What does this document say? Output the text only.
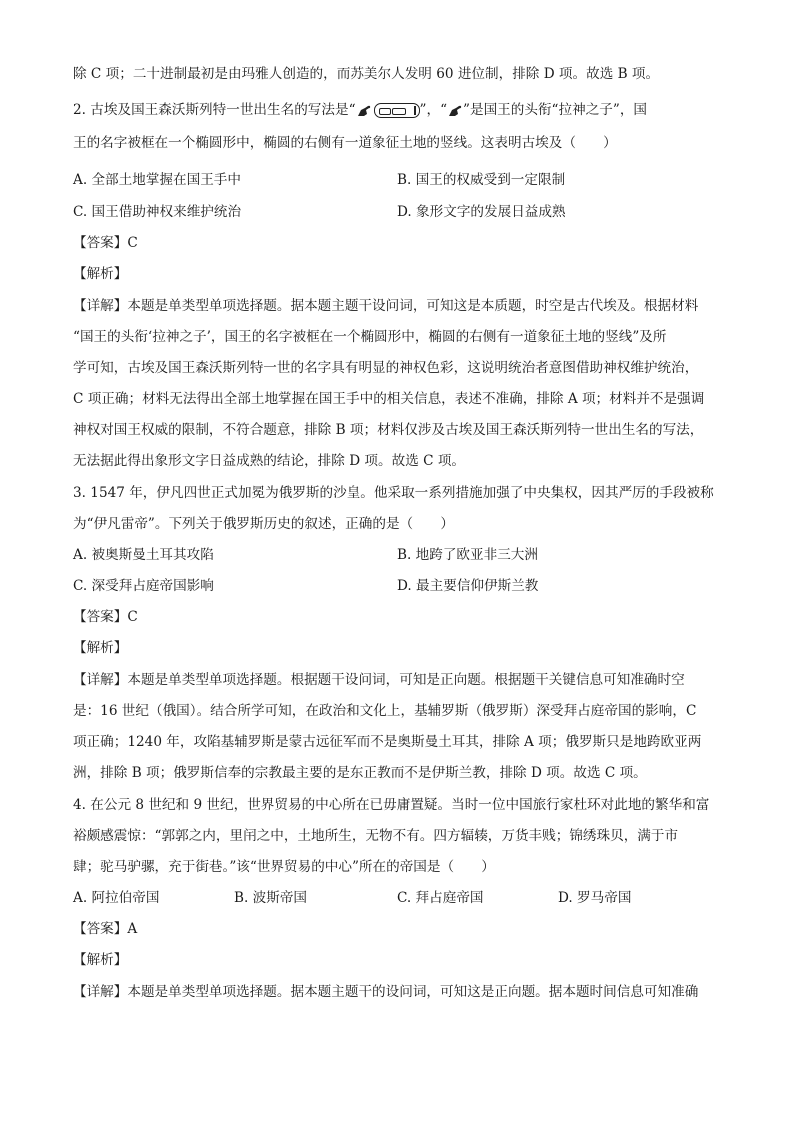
除 C 项；二十进制最初是由玛雅人创造的，而苏美尔人发明 60 进位制，排除 D 项。故选 B 项。
2. 古埃及国王森沃斯列特一世出生名的写法是“	”，“ ”是国王的头衔“拉神之子”，国
王的名字被框在一个椭圆形中，椭圆的右侧有一道象征土地的竖线。这表明古埃及（　　）
A. 全部土地掌握在国王手中	B. 国王的权威受到一定限制
C. 国王借助神权来维护统治	D. 象形文字的发展日益成熟
【答案】C
【解析】
【详解】本题是单类型单项选择题。据本题主题干设问词，可知这是本质题，时空是古代埃及。根据材料
“国王的头衔‘拉神之子’，国王的名字被框在一个椭圆形中，椭圆的右侧有一道象征土地的竖线”及所
学可知，古埃及国王森沃斯列特一世的名字具有明显的神权色彩，这说明统治者意图借助神权维护统治，
C 项正确；材料无法得出全部土地掌握在国王手中的相关信息，表述不准确，排除 A 项；材料并不是强调
神权对国王权威的限制，不符合题意，排除 B 项；材料仅涉及古埃及国王森沃斯列特一世出生名的写法，
无法据此得出象形文字日益成熟的结论，排除 D 项。故选 C 项。
3. 1547 年，伊凡四世正式加冕为俄罗斯的沙皇。他采取一系列措施加强了中央集权，因其严厉的手段被称
为“伊凡雷帝”。下列关于俄罗斯历史的叙述，正确的是（　　）
A. 被奥斯曼土耳其攻陷	B. 地跨了欧亚非三大洲
C. 深受拜占庭帝国影响	D. 最主要信仰伊斯兰教
【答案】C
【解析】
【详解】本题是单类型单项选择题。根据题干设问词，可知是正向题。根据题干关键信息可知准确时空
是：16 世纪（俄国）。结合所学可知，在政治和文化上，基辅罗斯（俄罗斯）深受拜占庭帝国的影响，C
项正确；1240 年，攻陷基辅罗斯是蒙古远征军而不是奥斯曼土耳其，排除 A 项；俄罗斯只是地跨欧亚两
洲，排除 B 项；俄罗斯信奉的宗教最主要的是东正教而不是伊斯兰教，排除 D 项。故选 C 项。
4. 在公元 8 世纪和 9 世纪，世界贸易的中心所在已毋庸置疑。当时一位中国旅行家杜环对此地的繁华和富
裕颇感震惊：“郭郭之内，里闬之中，土地所生，无物不有。四方辐辏，万货丰贱；锦绣珠贝，满于市
肆；驼马驴骡，充于街巷。”该“世界贸易的中心”所在的帝国是（　　）
A. 阿拉伯帝国	B. 波斯帝国	C. 拜占庭帝国	D. 罗马帝国
【答案】A
【解析】
【详解】本题是单类型单项选择题。据本题主题干的设问词，可知这是正向题。据本题时间信息可知准确
